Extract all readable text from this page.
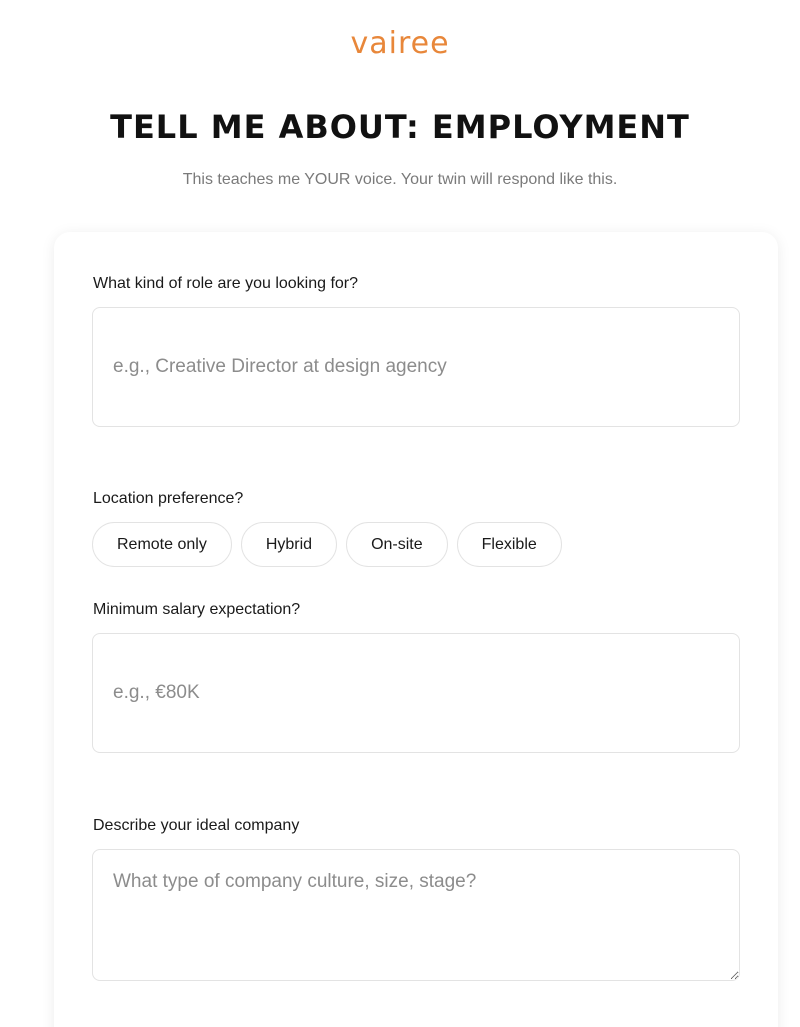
vairee
TELL ME ABOUT: EMPLOYMENT

This teaches me YOUR voice. Your twin will respond like this.

What kind of role are you looking for?
e.g., Creative Director at design agency
Location preference?
Remote only	Hybrid	On-site	Flexible
Minimum salary expectation?
e.g., €80K
Describe your ideal company
What type of company culture, size, stage?
